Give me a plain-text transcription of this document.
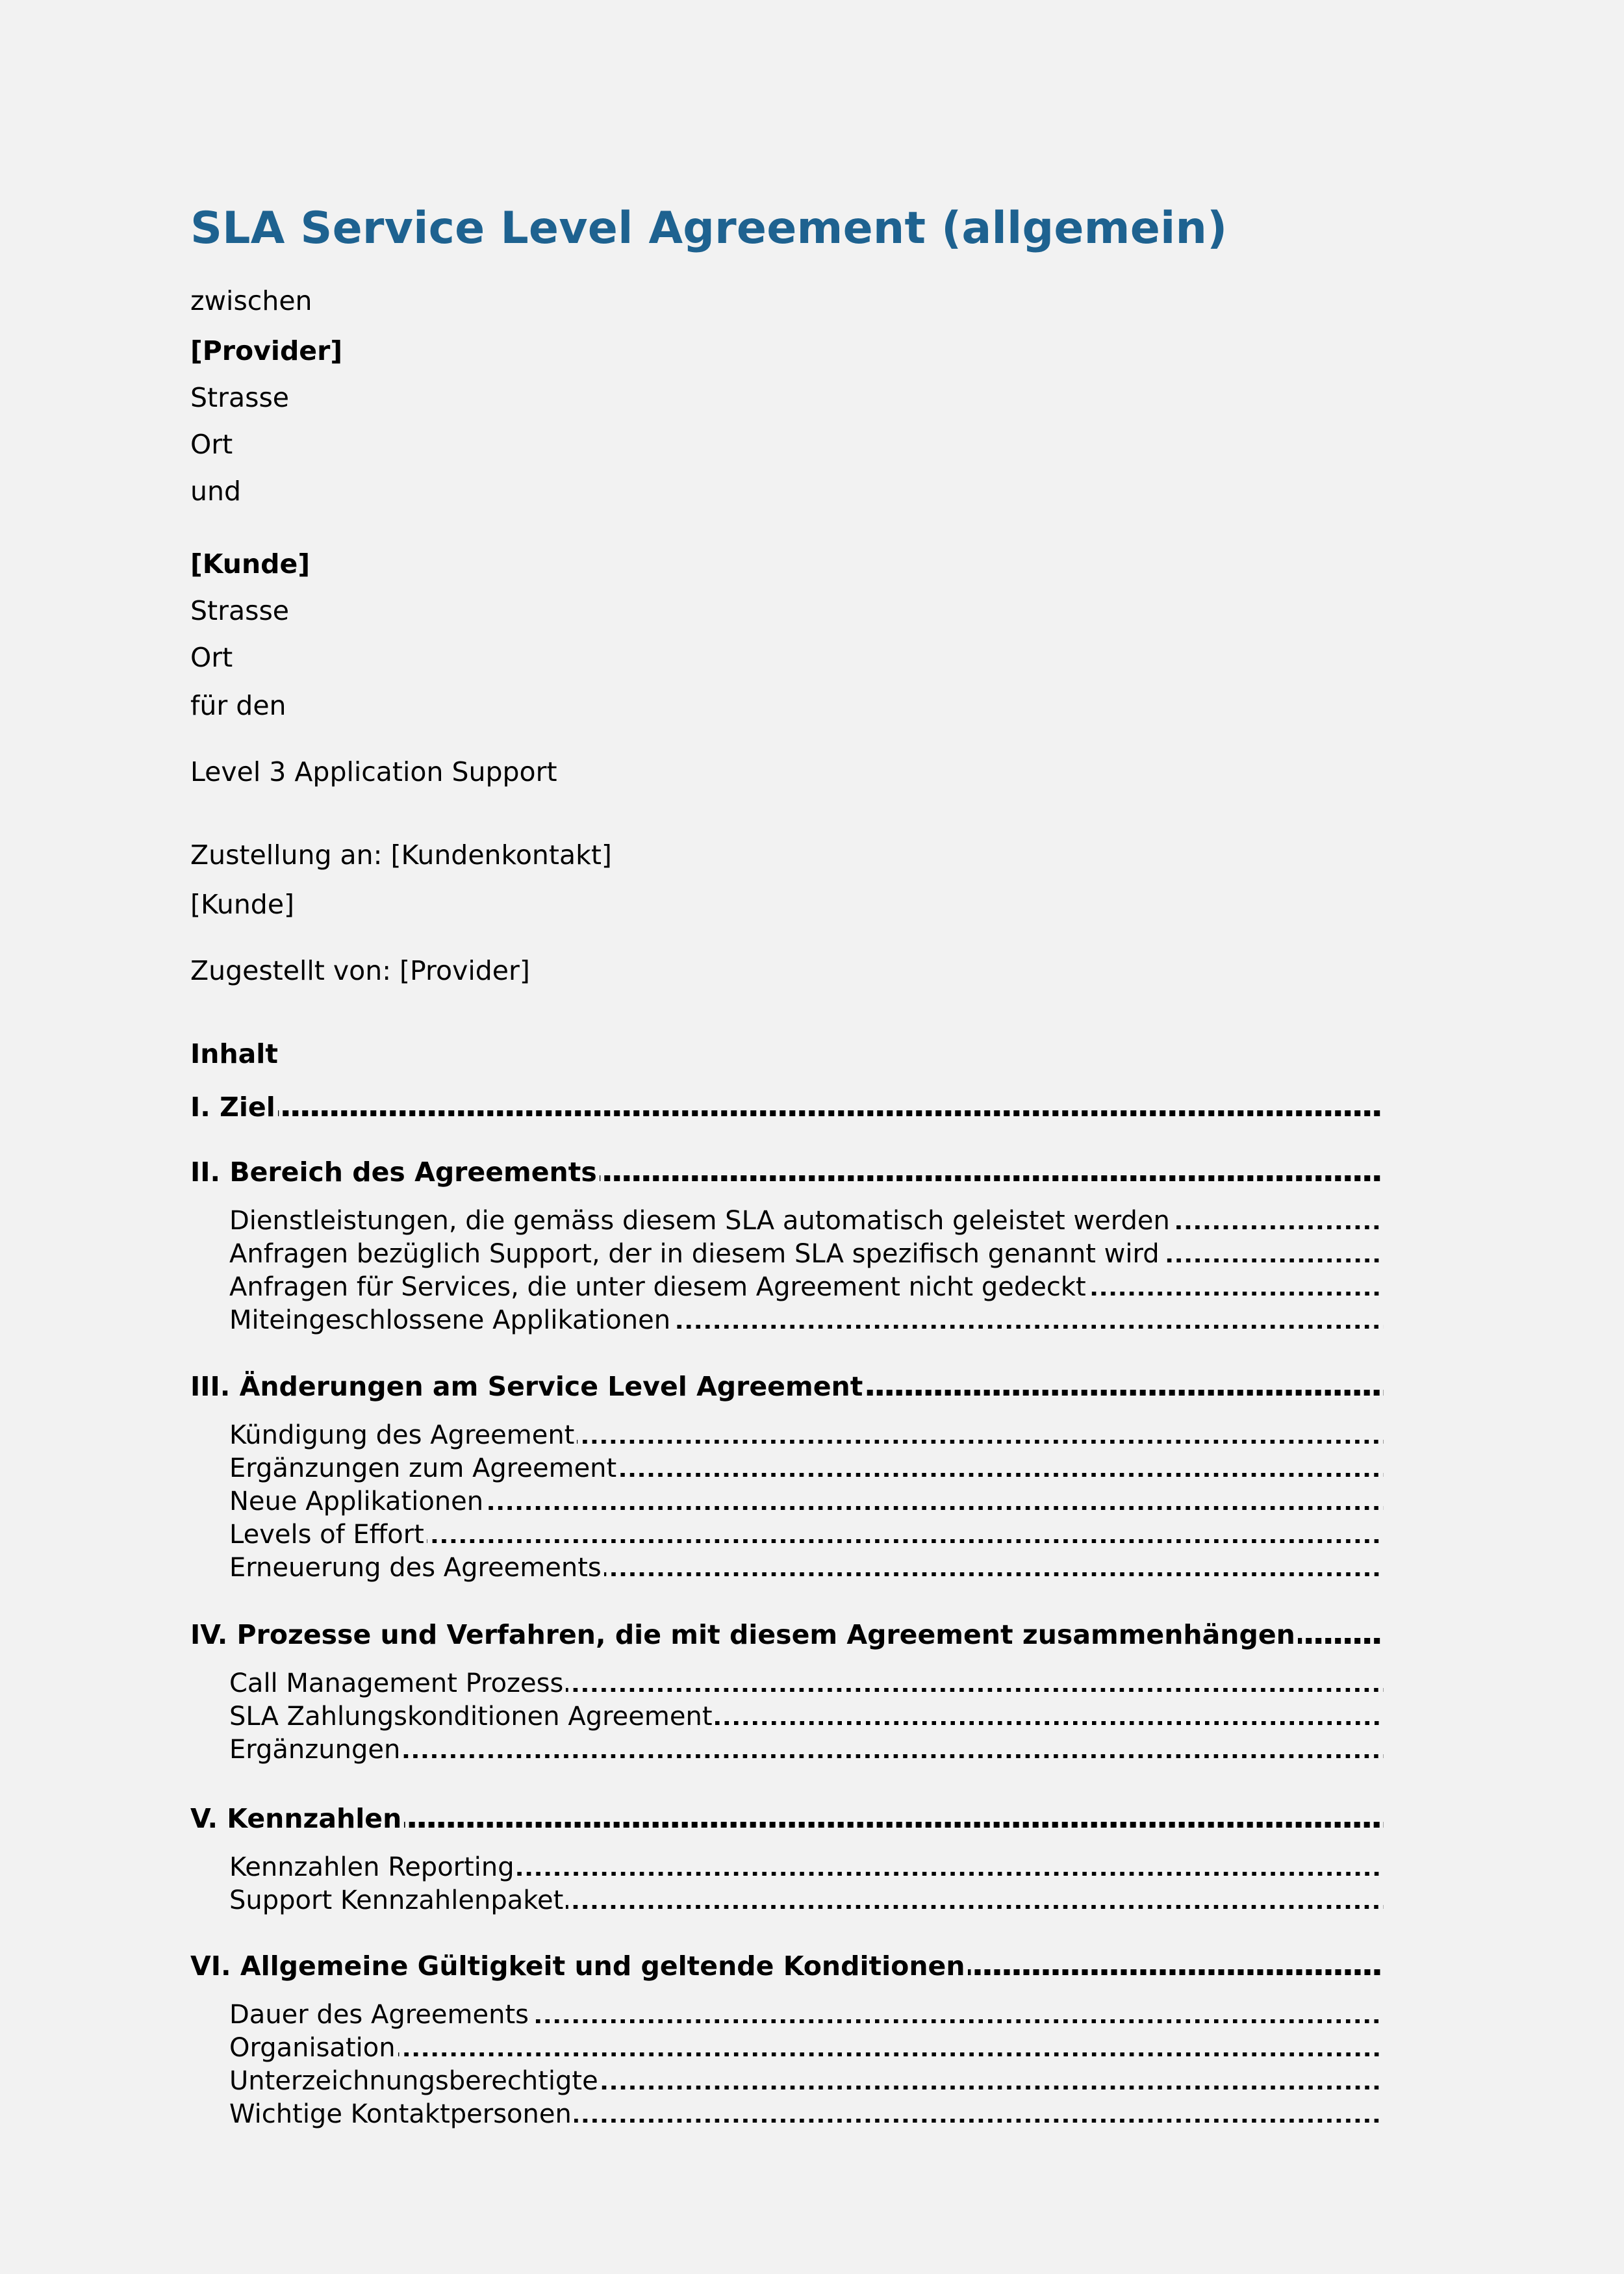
SLA Service Level Agreement (allgemein)
zwischen
[Provider]
Strasse
Ort
und
[Kunde]
Strasse
Ort
für den
Level 3 Application Support
Zustellung an: [Kundenkontakt]
[Kunde]
Zugestellt von: [Provider]
Inhalt
I. Ziel
II. Bereich des Agreements
Dienstleistungen, die gemäss diesem SLA automatisch geleistet werden
Anfragen bezüglich Support, der in diesem SLA spezifisch genannt wird
Anfragen für Services, die unter diesem Agreement nicht gedeckt
Miteingeschlossene Applikationen
III. Änderungen am Service Level Agreement
Kündigung des Agreement
Ergänzungen zum Agreement
Neue Applikationen
Levels of Effort
Erneuerung des Agreements
IV. Prozesse und Verfahren, die mit diesem Agreement zusammenhängen
Call Management Prozess
SLA Zahlungskonditionen Agreement
Ergänzungen
V. Kennzahlen
Kennzahlen Reporting
Support Kennzahlenpaket
VI. Allgemeine Gültigkeit und geltende Konditionen
Dauer des Agreements
Organisation
Unterzeichnungsberechtigte
Wichtige Kontaktpersonen
